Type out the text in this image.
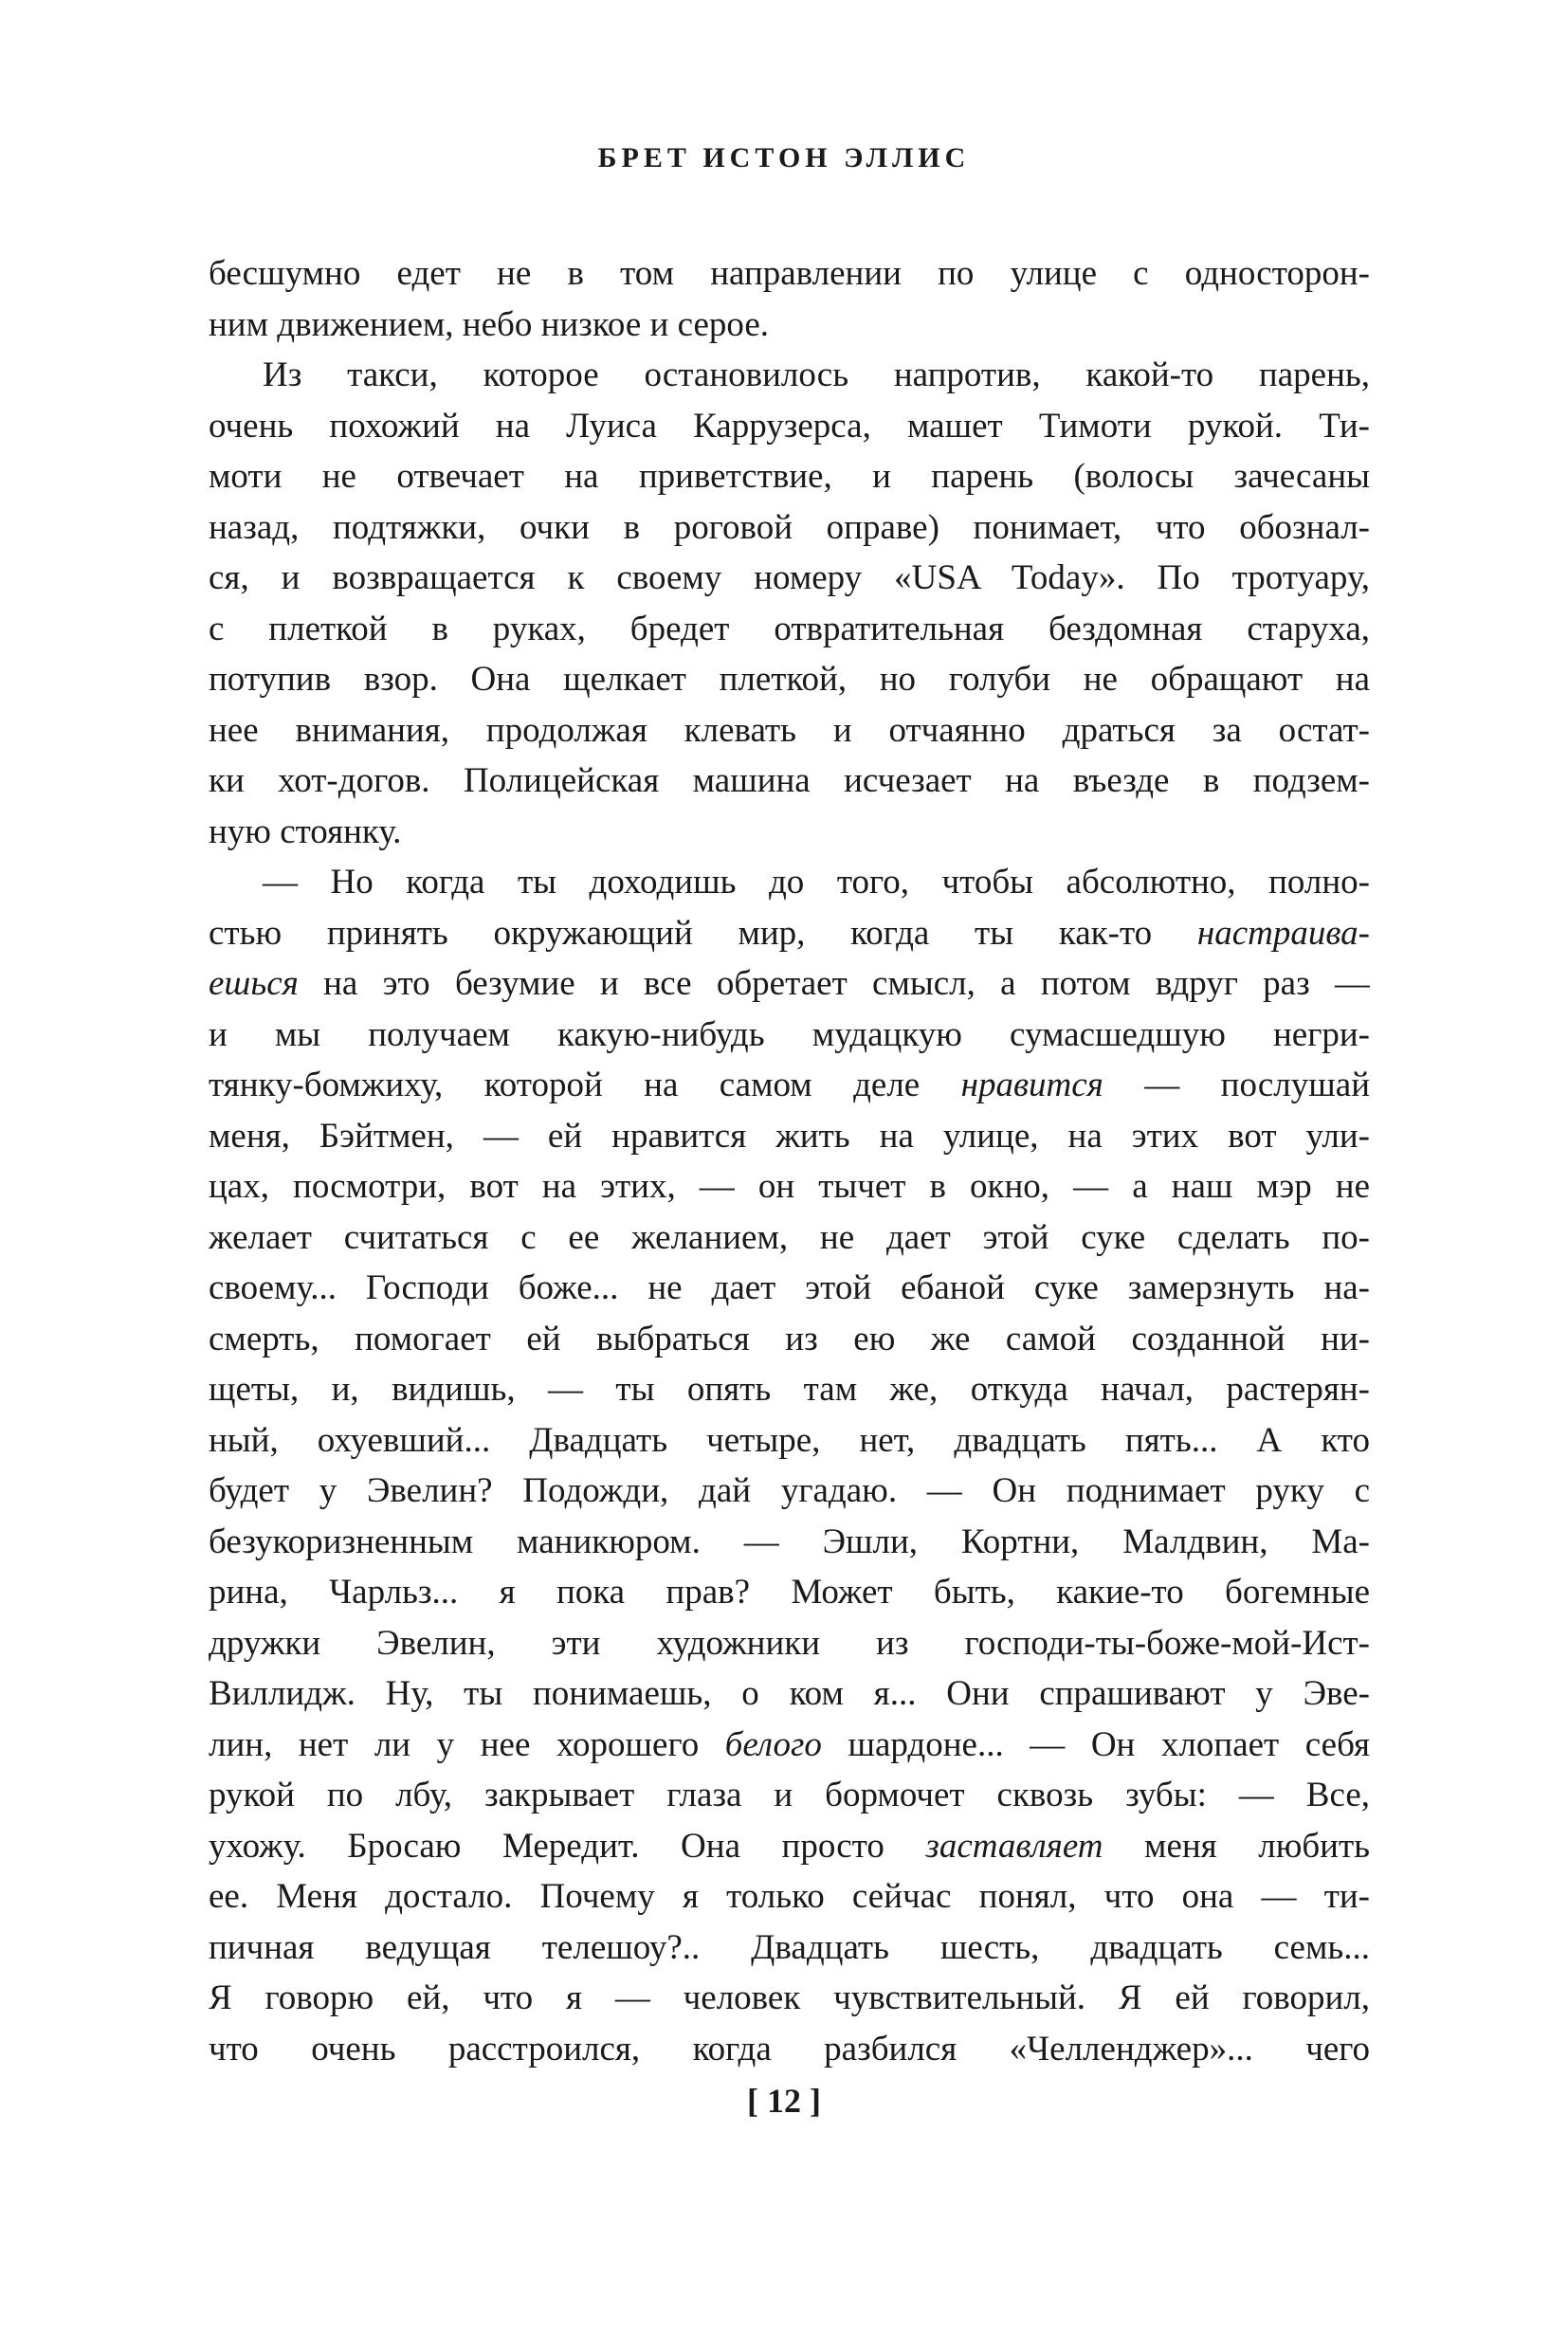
БРЕТ ИСТОН ЭЛЛИС
бесшумно едет не в том направлении по улице с односторон-
ним движением, небо низкое и серое.
Из такси, которое остановилось напротив, какой-то парень,
очень похожий на Луиса Каррузерса, машет Тимоти рукой. Ти-
моти не отвечает на приветствие, и парень (волосы зачесаны
назад, подтяжки, очки в роговой оправе) понимает, что обознал-
ся, и возвращается к своему номеру «USA Today». По тротуару,
с плеткой в руках, бредет отвратительная бездомная старуха,
потупив взор. Она щелкает плеткой, но голуби не обращают на
нее внимания, продолжая клевать и отчаянно драться за остат-
ки хот-догов. Полицейская машина исчезает на въезде в подзем-
ную стоянку.
— Но когда ты доходишь до того, чтобы абсолютно, полно-
стью принять окружающий мир, когда ты как-то настраива-
ешься на это безумие и все обретает смысл, а потом вдруг раз —
и мы получаем какую-нибудь мудацкую сумасшедшую негри-
тянку-бомжиху, которой на самом деле нравится — послушай
меня, Бэйтмен, — ей нравится жить на улице, на этих вот ули-
цах, посмотри, вот на этих, — он тычет в окно, — а наш мэр не
желает считаться с ее желанием, не дает этой суке сделать по-
своему... Господи боже... не дает этой ебаной суке замерзнуть на-
смерть, помогает ей выбраться из ею же самой созданной ни-
щеты, и, видишь, — ты опять там же, откуда начал, растерян-
ный, охуевший... Двадцать четыре, нет, двадцать пять... А кто
будет у Эвелин? Подожди, дай угадаю. — Он поднимает руку с
безукоризненным маникюром. — Эшли, Кортни, Малдвин, Ма-
рина, Чарльз... я пока прав? Может быть, какие-то богемные
дружки Эвелин, эти художники из господи-ты-боже-мой-Ист-
Виллидж. Ну, ты понимаешь, о ком я... Они спрашивают у Эве-
лин, нет ли у нее хорошего белого шардоне... — Он хлопает себя
рукой по лбу, закрывает глаза и бормочет сквозь зубы: — Все,
ухожу. Бросаю Мередит. Она просто заставляет меня любить
ее. Меня достало. Почему я только сейчас понял, что она — ти-
пичная ведущая телешоу?.. Двадцать шесть, двадцать семь...
Я говорю ей, что я — человек чувствительный. Я ей говорил,
что очень расстроился, когда разбился «Челленджер»... чего
[ 12 ]
